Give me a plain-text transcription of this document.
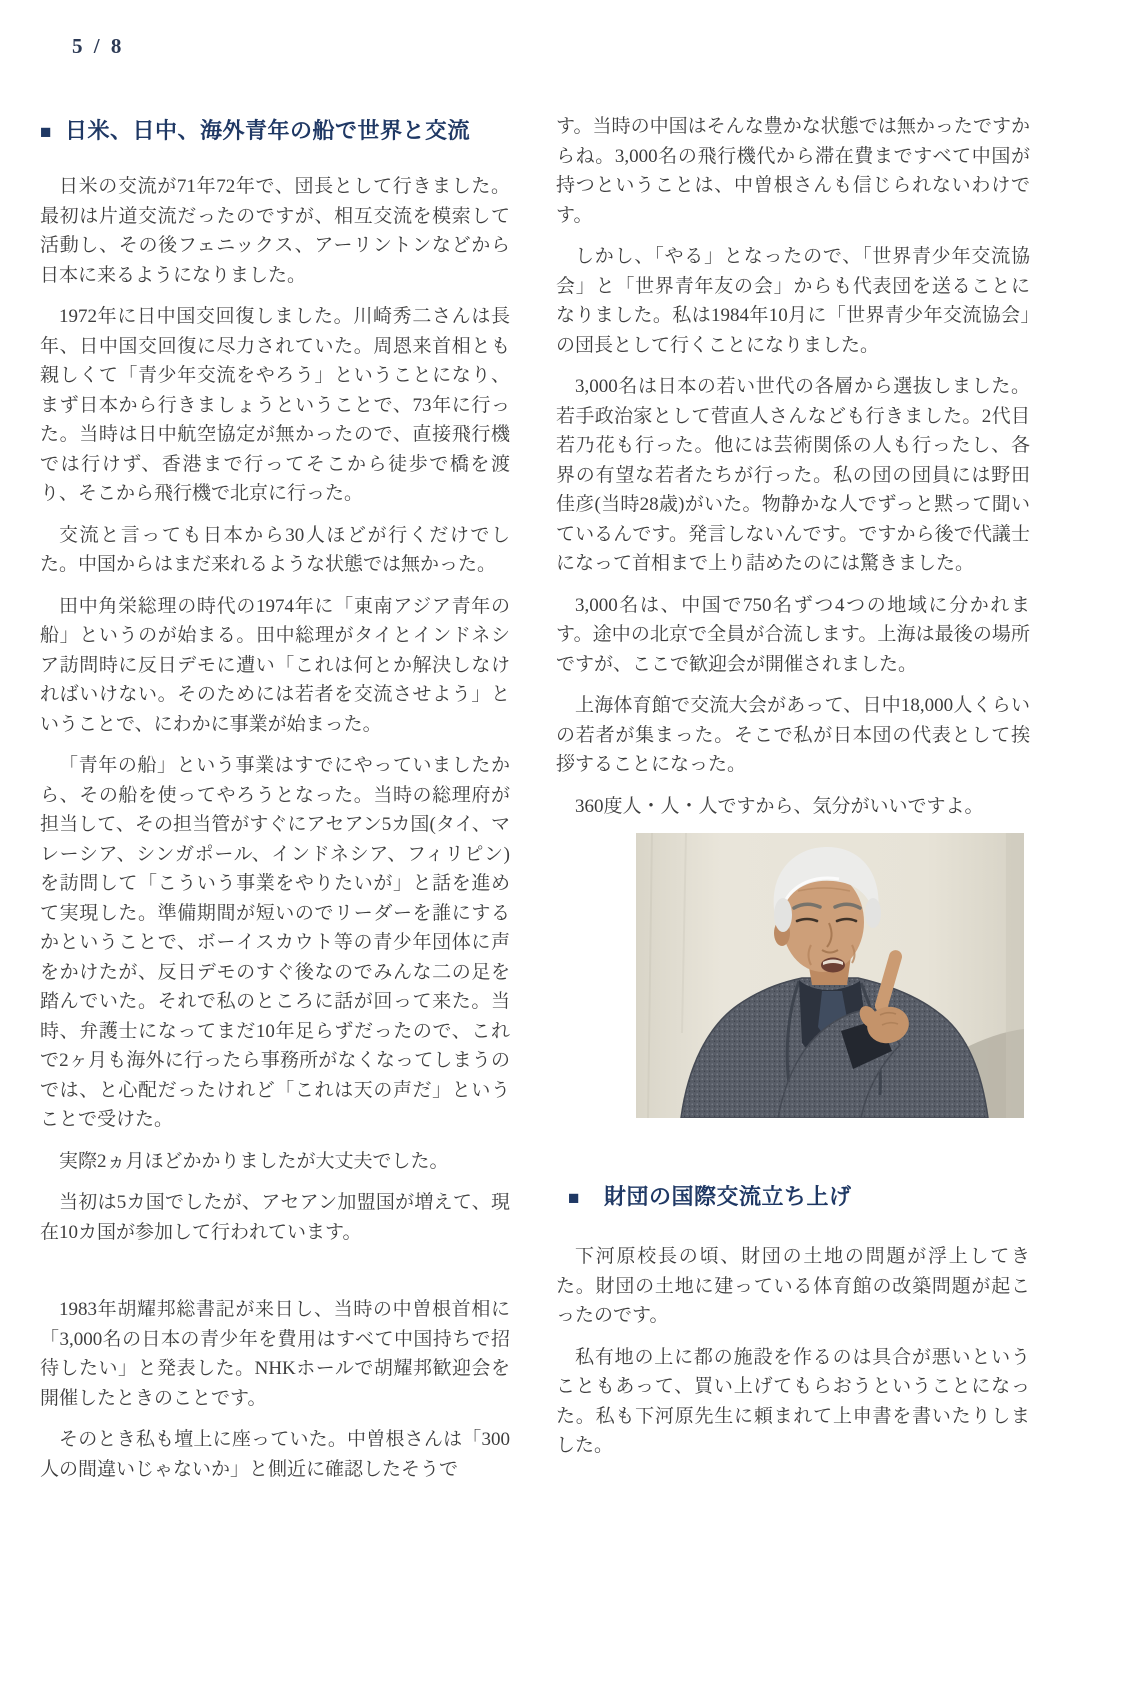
5 / 8
■ 日米、日中、海外青年の船で世界と交流

日米の交流が71年72年で、団長として行きました。最初は片道交流だったのですが、相互交流を模索して活動し、その後フェニックス、アーリントンなどから日本に来るようになりました。

1972年に日中国交回復しました。川崎秀二さんは長年、日中国交回復に尽力されていた。周恩来首相とも親しくて「青少年交流をやろう」ということになり、まず日本から行きましょうということで、73年に行った。当時は日中航空協定が無かったので、直接飛行機では行けず、香港まで行ってそこから徒歩で橋を渡り、そこから飛行機で北京に行った。

交流と言っても日本から30人ほどが行くだけでした。中国からはまだ来れるような状態では無かった。

田中角栄総理の時代の1974年に「東南アジア青年の船」というのが始まる。田中総理がタイとインドネシア訪問時に反日デモに遭い「これは何とか解決しなければいけない。そのためには若者を交流させよう」ということで、にわかに事業が始まった。

「青年の船」という事業はすでにやっていましたから、その船を使ってやろうとなった。当時の総理府が担当して、その担当管がすぐにアセアン5カ国(タイ、マレーシア、シンガポール、インドネシア、フィリピン)を訪問して「こういう事業をやりたいが」と話を進めて実現した。準備期間が短いのでリーダーを誰にするかということで、ボーイスカウト等の青少年団体に声をかけたが、反日デモのすぐ後なのでみんな二の足を踏んでいた。それで私のところに話が回って来た。当時、弁護士になってまだ10年足らずだったので、これで2ヶ月も海外に行ったら事務所がなくなってしまうのでは、と心配だったけれど「これは天の声だ」ということで受けた。

実際2ヵ月ほどかかりましたが大丈夫でした。

当初は5カ国でしたが、アセアン加盟国が増えて、現在10カ国が参加して行われています。

1983年胡耀邦総書記が来日し、当時の中曽根首相に「3,000名の日本の青少年を費用はすべて中国持ちで招待したい」と発表した。NHKホールで胡耀邦歓迎会を開催したときのことです。

そのとき私も壇上に座っていた。中曽根さんは「300人の間違いじゃないか」と側近に確認したそうで

す。当時の中国はそんな豊かな状態では無かったですからね。3,000名の飛行機代から滞在費まですべて中国が持つということは、中曽根さんも信じられないわけです。

しかし、「やる」となったので、「世界青少年交流協会」と「世界青年友の会」からも代表団を送ることになりました。私は1984年10月に「世界青少年交流協会」の団長として行くことになりました。

3,000名は日本の若い世代の各層から選抜しました。若手政治家として菅直人さんなども行きました。2代目若乃花も行った。他には芸術関係の人も行ったし、各界の有望な若者たちが行った。私の団の団員には野田佳彦(当時28歳)がいた。物静かな人でずっと黙って聞いているんです。発言しないんです。ですから後で代議士になって首相まで上り詰めたのには驚きました。

3,000名は、中国で750名ずつ4つの地域に分かれます。途中の北京で全員が合流します。上海は最後の場所ですが、ここで歓迎会が開催されました。

上海体育館で交流大会があって、日中18,000人くらいの若者が集まった。そこで私が日本団の代表として挨拶することになった。

360度人・人・人ですから、気分がいいですよ。

■ 財団の国際交流立ち上げ

下河原校長の頃、財団の土地の問題が浮上してきた。財団の土地に建っている体育館の改築問題が起こったのです。

私有地の上に都の施設を作るのは具合が悪いということもあって、買い上げてもらおうということになった。私も下河原先生に頼まれて上申書を書いたりしました。
